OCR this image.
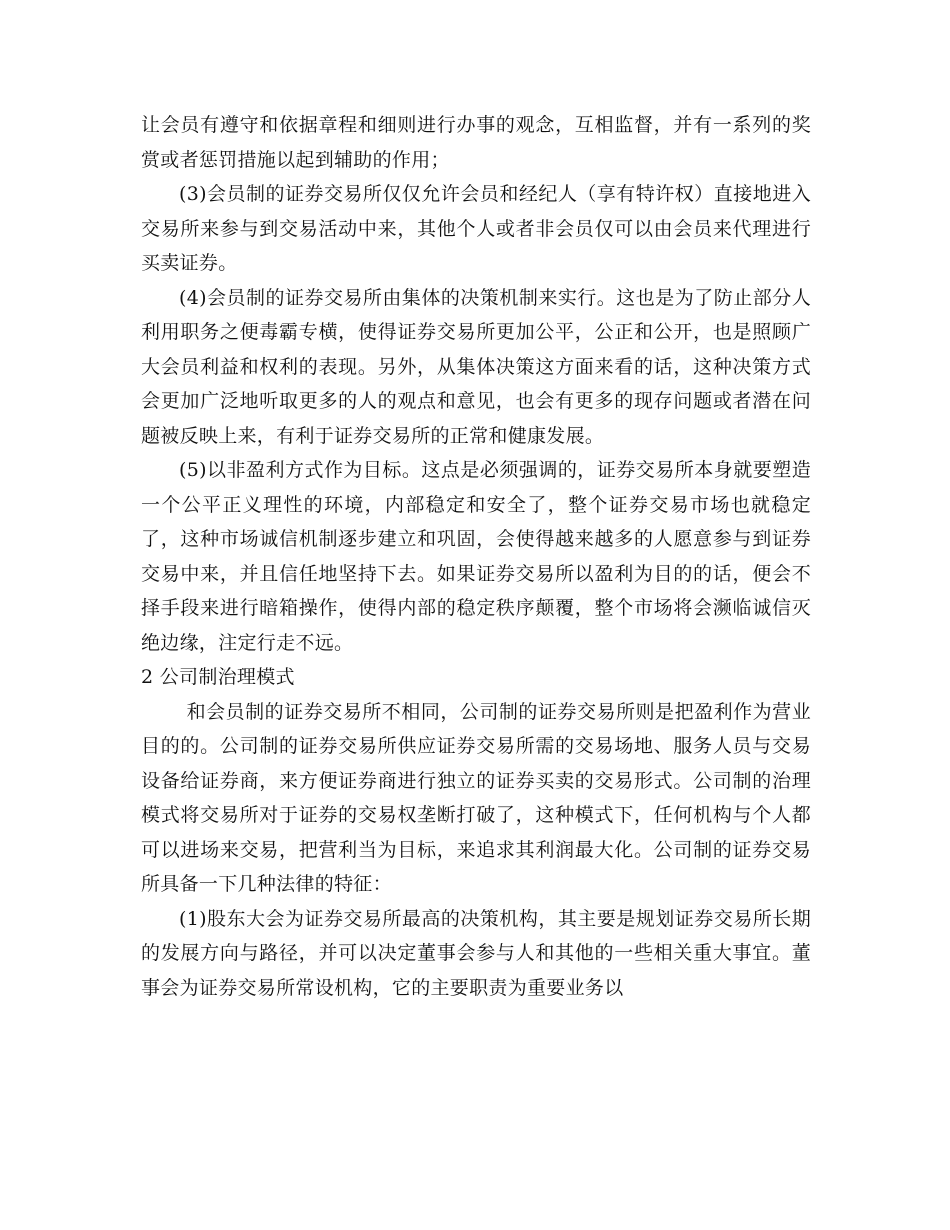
让会员有遵守和依据章程和细则进行办事的观念，互相监督，并有一系列的奖赏或者惩罚措施以起到辅助的作用；

(3)会员制的证券交易所仅仅允许会员和经纪人（享有特许权）直接地进入交易所来参与到交易活动中来，其他个人或者非会员仅可以由会员来代理进行买卖证券。

(4)会员制的证券交易所由集体的决策机制来实行。这也是为了防止部分人利用职务之便毒霸专横，使得证券交易所更加公平，公正和公开，也是照顾广大会员利益和权利的表现。另外，从集体决策这方面来看的话，这种决策方式会更加广泛地听取更多的人的观点和意见，也会有更多的现存问题或者潜在问题被反映上来，有利于证券交易所的正常和健康发展。

(5)以非盈利方式作为目标。这点是必须强调的，证券交易所本身就要塑造一个公平正义理性的环境，内部稳定和安全了，整个证券交易市场也就稳定了，这种市场诚信机制逐步建立和巩固，会使得越来越多的人愿意参与到证券交易中来，并且信任地坚持下去。如果证券交易所以盈利为目的的话，便会不择手段来进行暗箱操作，使得内部的稳定秩序颠覆，整个市场将会濒临诚信灭绝边缘，注定行走不远。

2 公司制治理模式

和会员制的证券交易所不相同，公司制的证券交易所则是把盈利作为营业目的的。公司制的证券交易所供应证券交易所需的交易场地、服务人员与交易设备给证券商，来方便证券商进行独立的证券买卖的交易形式。公司制的治理模式将交易所对于证券的交易权垄断打破了，这种模式下，任何机构与个人都可以进场来交易，把营利当为目标，来追求其利润最大化。公司制的证券交易所具备一下几种法律的特征：

(1)股东大会为证券交易所最高的决策机构，其主要是规划证券交易所长期的发展方向与路径，并可以决定董事会参与人和其他的一些相关重大事宜。董事会为证券交易所常设机构，它的主要职责为重要业务以
